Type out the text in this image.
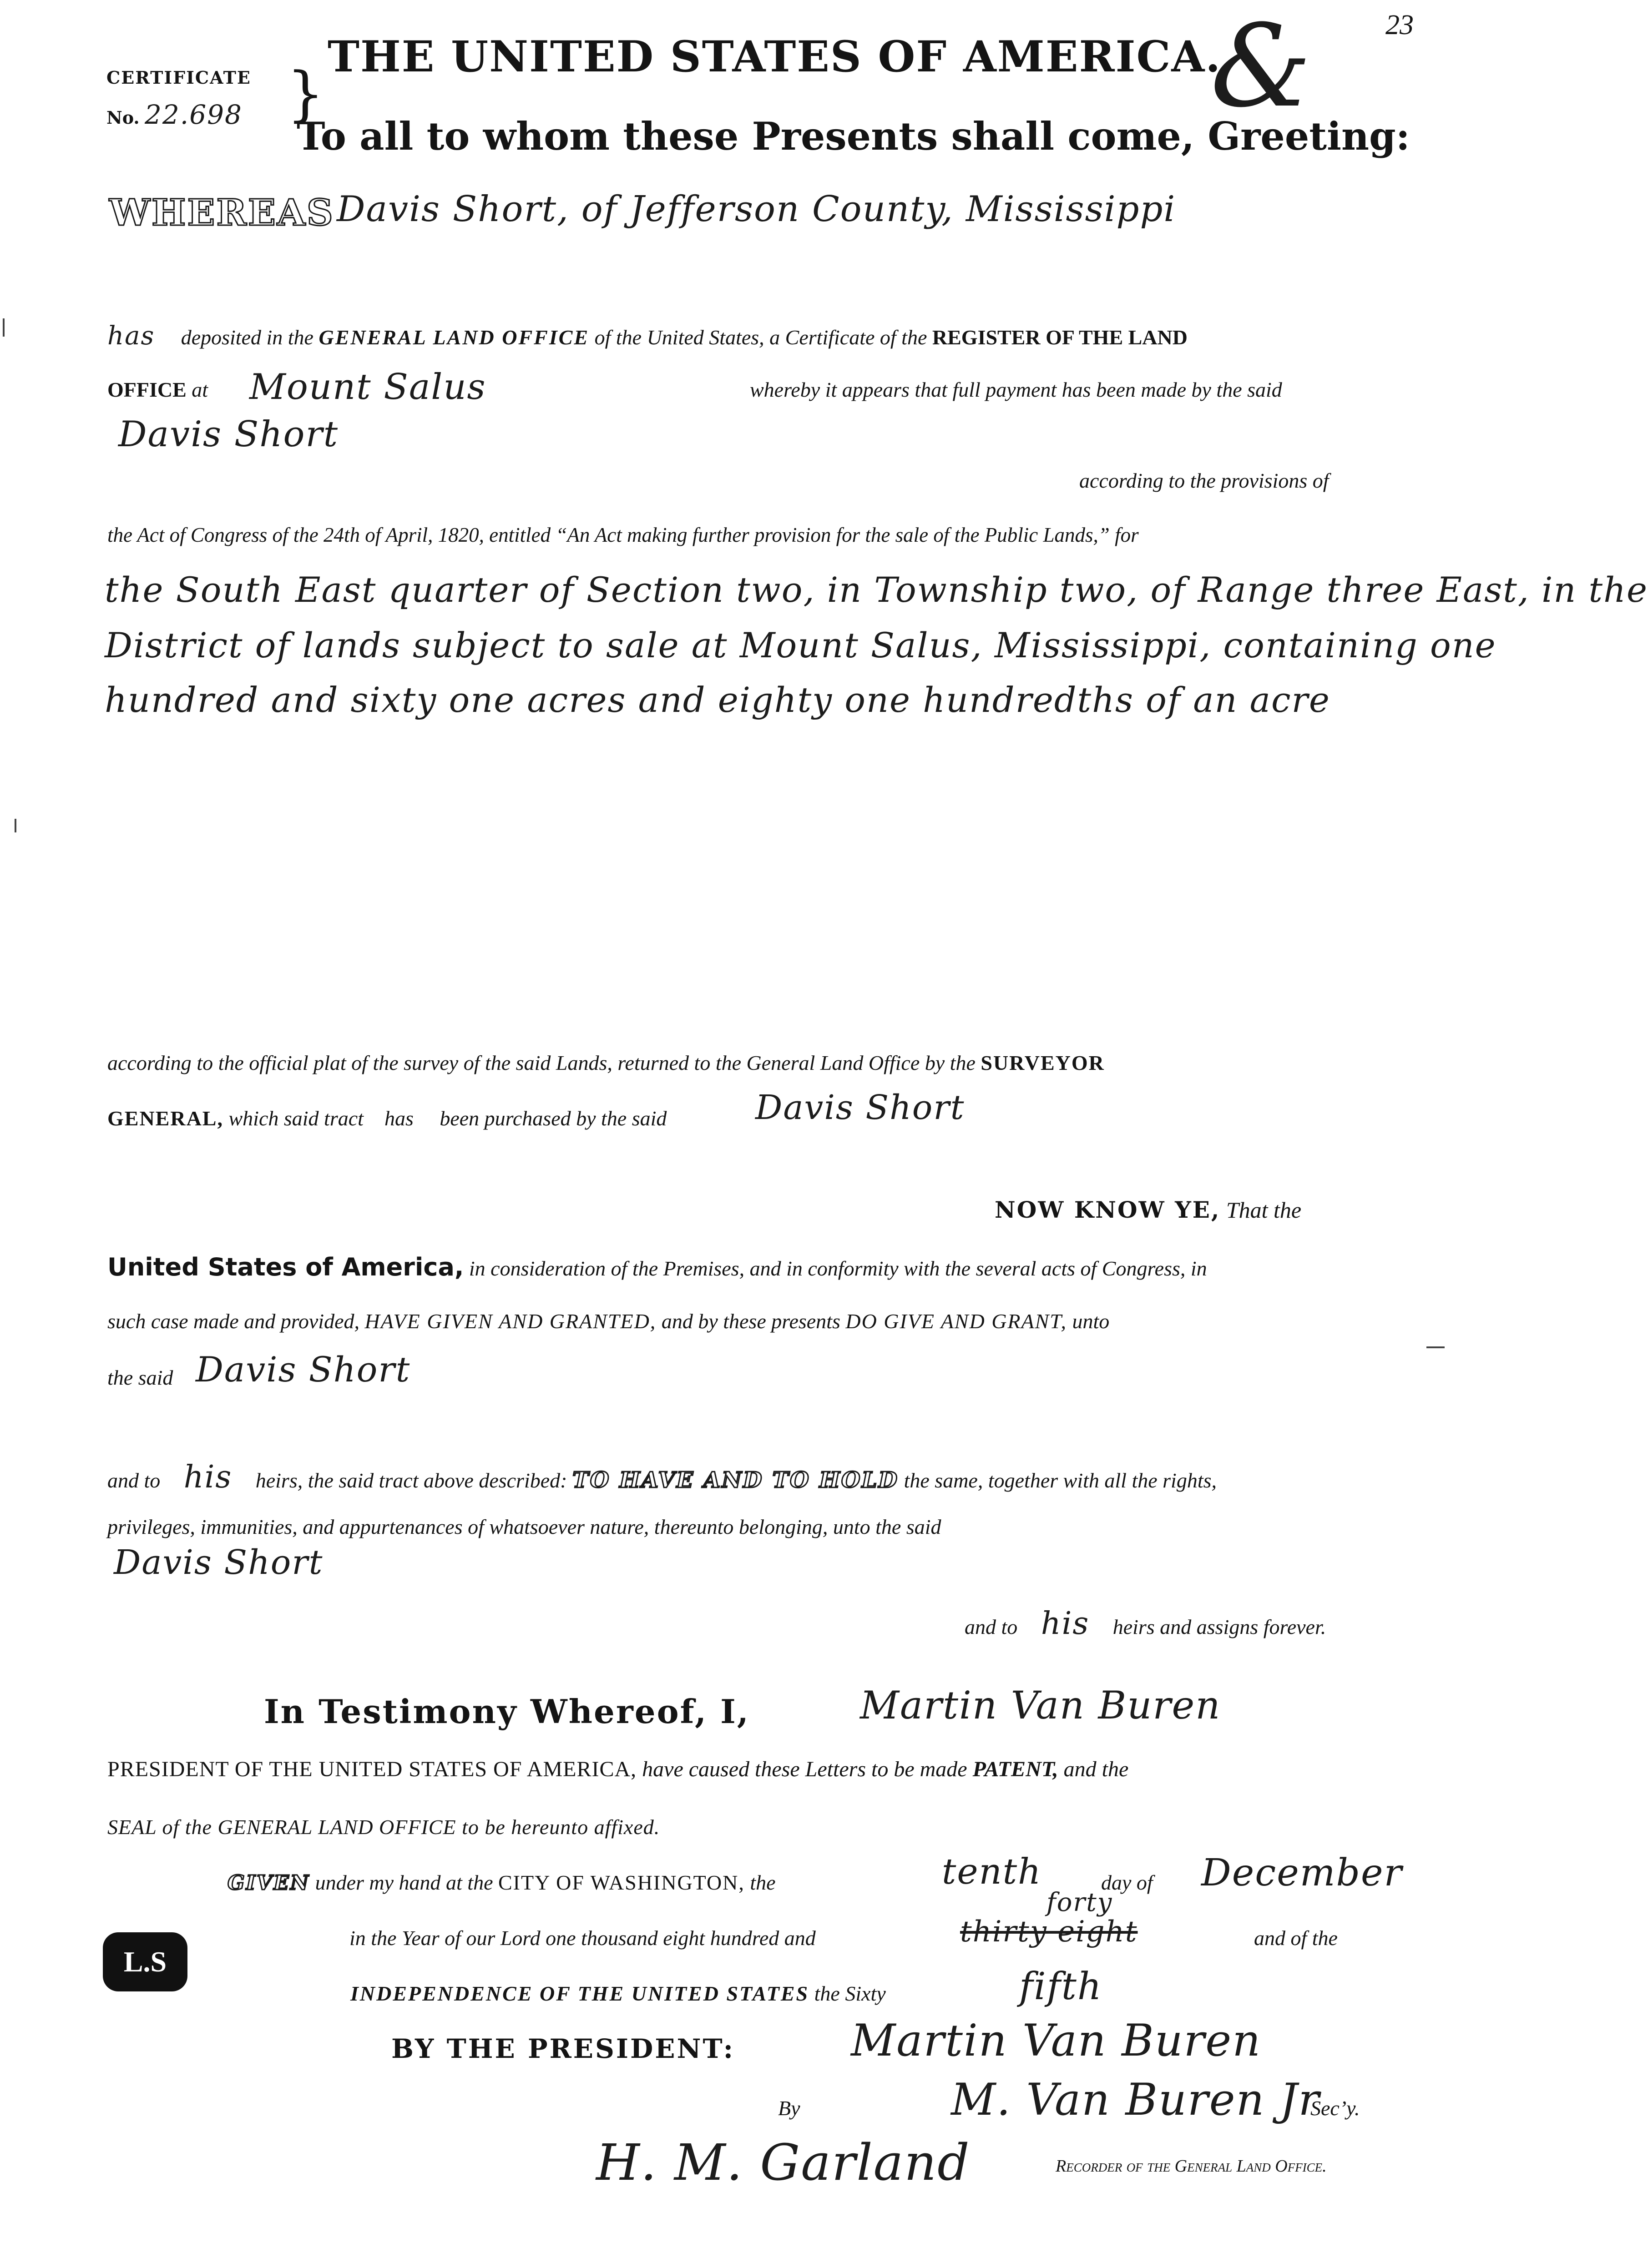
23
&
THE UNITED STATES OF AMERICA.
CERTIFICATE }
No. 22.698 To all to whom these Presents shall come, Greeting:
WHEREAS Davis Short, of Jefferson County, Mississippi
has deposited in the GENERAL LAND OFFICE of the United States, a Certificate of the REGISTER OF THE LAND
OFFICE at Mount Salus	whereby it appears that full payment has been made by the said
Davis Short
according to the provisions of
the Act of Congress of the 24th of April, 1820, entitled “An Act making further provision for the sale of the Public Lands,” for
the South East quarter of Section two, in Township two, of Range three East, in the
District of lands subject to sale at Mount Salus, Mississippi, containing one
hundred and sixty one acres and eighty one hundredths of an acre
according to the official plat of the survey of the said Lands, returned to the General Land Office by the SURVEYOR
GENERAL, which said tract has been purchased by the said	Davis Short
NOW KNOW YE, That the
United States of America, in consideration of the Premises, and in conformity with the several acts of Congress, in
such case made and provided, HAVE GIVEN AND GRANTED, and by these presents DO GIVE AND GRANT, unto
the said Davis Short
and to his heirs, the said tract above described: TO HAVE AND TO HOLD the same, together with all the rights,
privileges, immunities, and appurtenances of whatsoever nature, thereunto belonging, unto the said
Davis Short
and to his heirs and assigns forever.
In Testimony Whereof, I,	Martin Van Buren
PRESIDENT OF THE UNITED STATES OF AMERICA, have caused these Letters to be made PATENT, and the
SEAL of the GENERAL LAND OFFICE to be hereunto affixed.
GIVEN under my hand at the CITY OF WASHINGTON, the	tenth	day of December
in the Year of our Lord one thousand eight hundred and	thirty eight
forty
and of the
INDEPENDENCE OF THE UNITED STATES the Sixty	fifth
L.S
BY THE PRESIDENT:	Martin Van Buren
By	M. Van Buren Jr
Sec’y.
H. M. Garland	Recorder of the General Land Office.
